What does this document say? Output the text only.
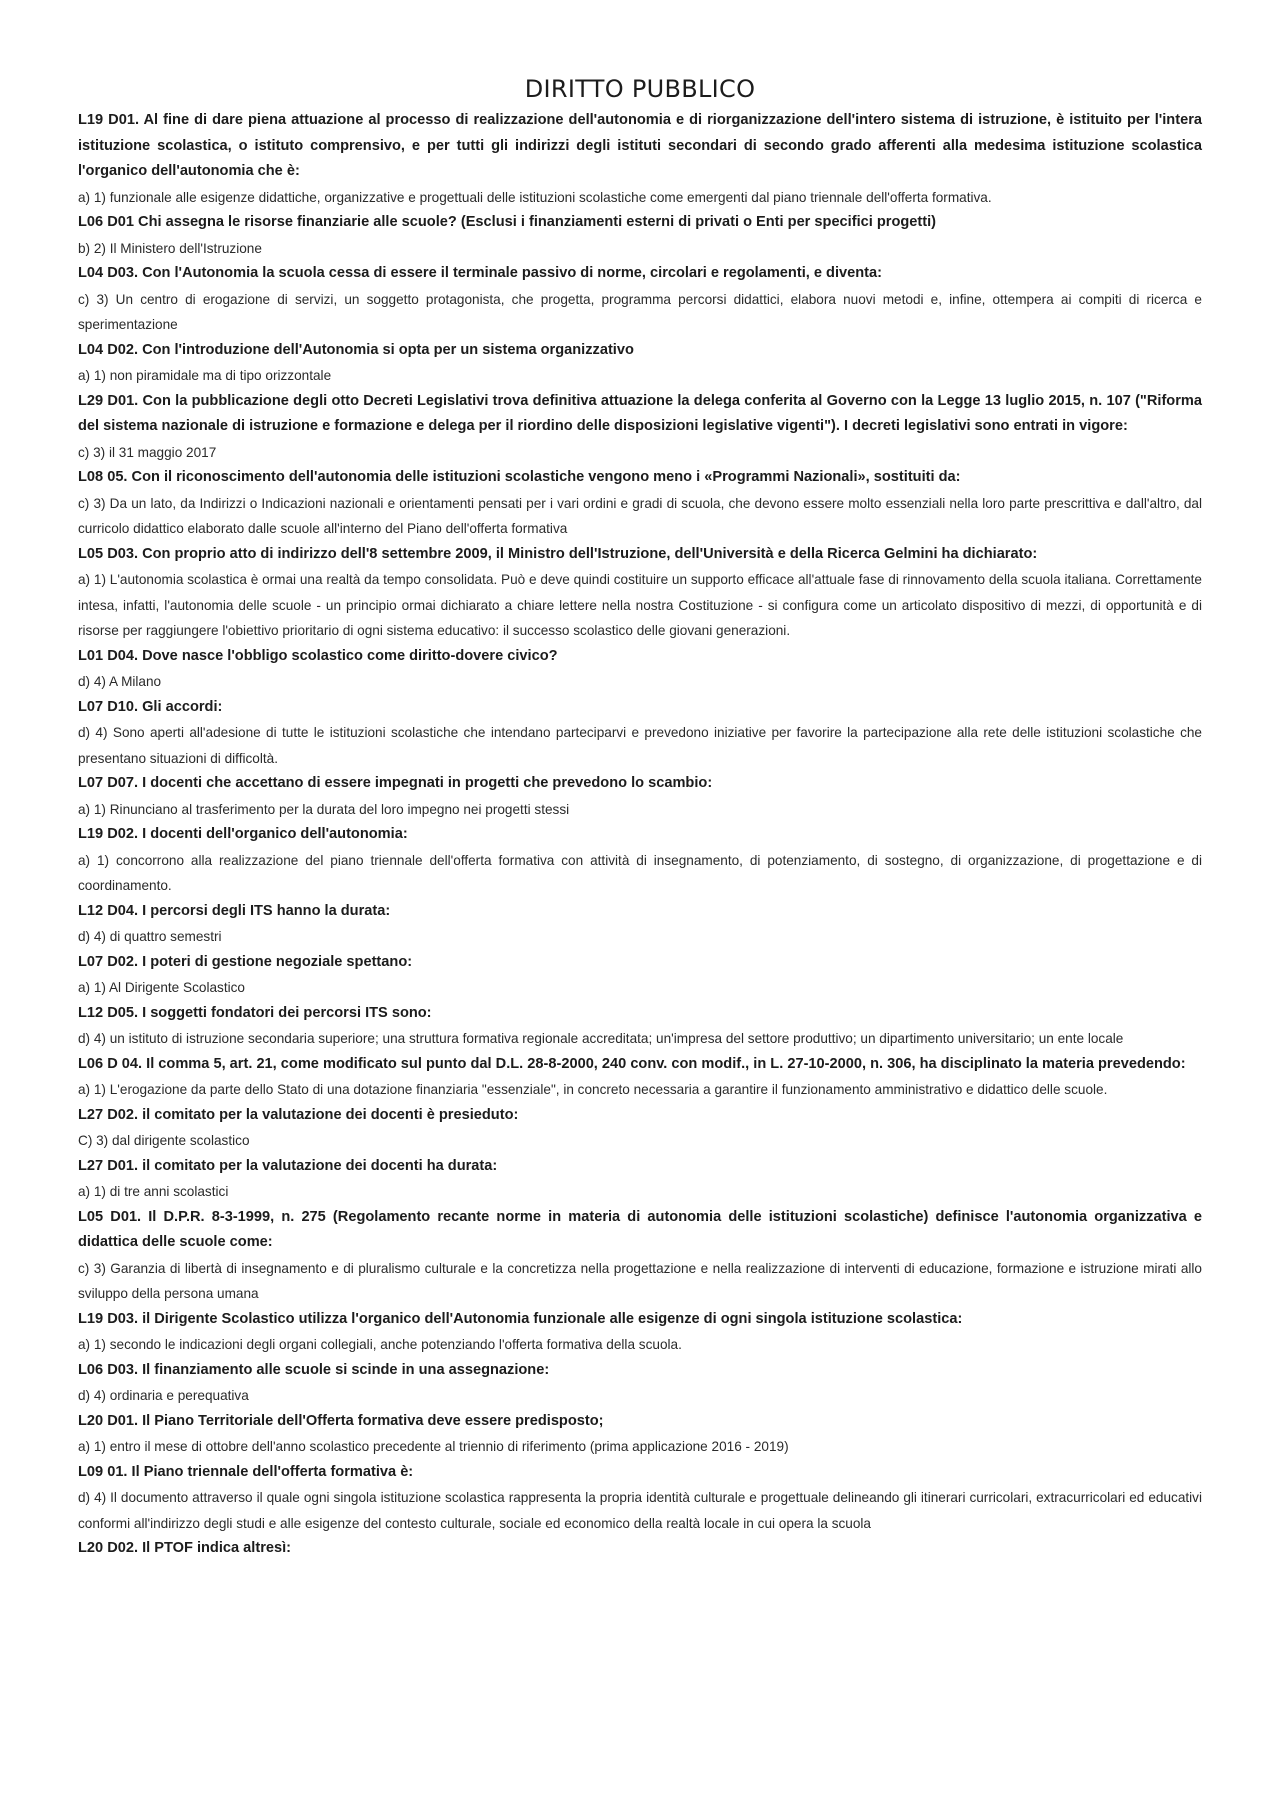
DIRITTO PUBBLICO

L19 D01. Al fine di dare piena attuazione al processo di realizzazione dell'autonomia e di riorganizzazione dell'intero sistema di istruzione, è istituito per l'intera istituzione scolastica, o istituto comprensivo, e per tutti gli indirizzi degli istituti secondari di secondo grado afferenti alla medesima istituzione scolastica l'organico dell'autonomia che è:

a) 1) funzionale alle esigenze didattiche, organizzative e progettuali delle istituzioni scolastiche come emergenti dal piano triennale dell'offerta formativa.

L06 D01 Chi assegna le risorse finanziarie alle scuole? (Esclusi i finanziamenti esterni di privati o Enti per specifici progetti)

b) 2) Il Ministero dell'Istruzione

L04 D03. Con l'Autonomia la scuola cessa di essere il terminale passivo di norme, circolari e regolamenti, e diventa:

c) 3) Un centro di erogazione di servizi, un soggetto protagonista, che progetta, programma percorsi didattici, elabora nuovi metodi e, infine, ottempera ai compiti di ricerca e sperimentazione

L04 D02. Con l'introduzione dell'Autonomia si opta per un sistema organizzativo

a) 1) non piramidale ma di tipo orizzontale

L29 D01. Con la pubblicazione degli otto Decreti Legislativi trova definitiva attuazione la delega conferita al Governo con la Legge 13 luglio 2015, n. 107 ("Riforma del sistema nazionale di istruzione e formazione e delega per il riordino delle disposizioni legislative vigenti"). I decreti legislativi sono entrati in vigore:

c) 3) il 31 maggio 2017

L08 05. Con il riconoscimento dell'autonomia delle istituzioni scolastiche vengono meno i «Programmi Nazionali», sostituiti da:

c) 3) Da un lato, da Indirizzi o Indicazioni nazionali e orientamenti pensati per i vari ordini e gradi di scuola, che devono essere molto essenziali nella loro parte prescrittiva e dall'altro, dal curricolo didattico elaborato dalle scuole all'interno del Piano dell'offerta formativa

L05 D03. Con proprio atto di indirizzo dell'8 settembre 2009, il Ministro dell'Istruzione, dell'Università e della Ricerca Gelmini ha dichiarato:

a) 1) L'autonomia scolastica è ormai una realtà da tempo consolidata. Può e deve quindi costituire un supporto efficace all'attuale fase di rinnovamento della scuola italiana. Correttamente intesa, infatti, l'autonomia delle scuole - un principio ormai dichiarato a chiare lettere nella nostra Costituzione - si configura come un articolato dispositivo di mezzi, di opportunità e di risorse per raggiungere l'obiettivo prioritario di ogni sistema educativo: il successo scolastico delle giovani generazioni.

L01 D04. Dove nasce l'obbligo scolastico come diritto-dovere civico?

d) 4) A Milano

L07 D10. Gli accordi:

d) 4) Sono aperti all'adesione di tutte le istituzioni scolastiche che intendano parteciparvi e prevedono iniziative per favorire la partecipazione alla rete delle istituzioni scolastiche che presentano situazioni di difficoltà.

L07 D07. I docenti che accettano di essere impegnati in progetti che prevedono lo scambio:

a) 1) Rinunciano al trasferimento per la durata del loro impegno nei progetti stessi

L19 D02. I docenti dell'organico dell'autonomia:

a) 1) concorrono alla realizzazione del piano triennale dell'offerta formativa con attività di insegnamento, di potenziamento, di sostegno, di organizzazione, di progettazione e di coordinamento.

L12 D04. I percorsi degli ITS hanno la durata:

d) 4) di quattro semestri

L07 D02. I poteri di gestione negoziale spettano:

a) 1) Al Dirigente Scolastico

L12 D05. I soggetti fondatori dei percorsi ITS sono:

d) 4) un istituto di istruzione secondaria superiore; una struttura formativa regionale accreditata; un'impresa del settore produttivo; un dipartimento universitario; un ente locale

L06 D 04. Il comma 5, art. 21, come modificato sul punto dal D.L. 28-8-2000, 240 conv. con modif., in L. 27-10-2000, n. 306, ha disciplinato la materia prevedendo:

a) 1) L'erogazione da parte dello Stato di una dotazione finanziaria "essenziale", in concreto necessaria a garantire il funzionamento amministrativo e didattico delle scuole.

L27 D02. il comitato per la valutazione dei docenti è presieduto:

C) 3) dal dirigente scolastico

L27 D01. il comitato per la valutazione dei docenti ha durata:

a) 1) di tre anni scolastici

L05 D01. Il D.P.R. 8-3-1999, n. 275 (Regolamento recante norme in materia di autonomia delle istituzioni scolastiche) definisce l'autonomia organizzativa e didattica delle scuole come:

c) 3) Garanzia di libertà di insegnamento e di pluralismo culturale e la concretizza nella progettazione e nella realizzazione di interventi di educazione, formazione e istruzione mirati allo sviluppo della persona umana

L19 D03. il Dirigente Scolastico utilizza l'organico dell'Autonomia funzionale alle esigenze di ogni singola istituzione scolastica:

a) 1) secondo le indicazioni degli organi collegiali, anche potenziando l'offerta formativa della scuola.

L06 D03. Il finanziamento alle scuole si scinde in una assegnazione:

d) 4) ordinaria e perequativa

L20 D01. Il Piano Territoriale dell'Offerta formativa deve essere predisposto;

a) 1) entro il mese di ottobre dell'anno scolastico precedente al triennio di riferimento (prima applicazione 2016 - 2019)

L09 01. Il Piano triennale dell'offerta formativa è:

d) 4) Il documento attraverso il quale ogni singola istituzione scolastica rappresenta la propria identità culturale e progettuale delineando gli itinerari curricolari, extracurricolari ed educativi conformi all'indirizzo degli studi e alle esigenze del contesto culturale, sociale ed economico della realtà locale in cui opera la scuola

L20 D02. Il PTOF indica altresì:
